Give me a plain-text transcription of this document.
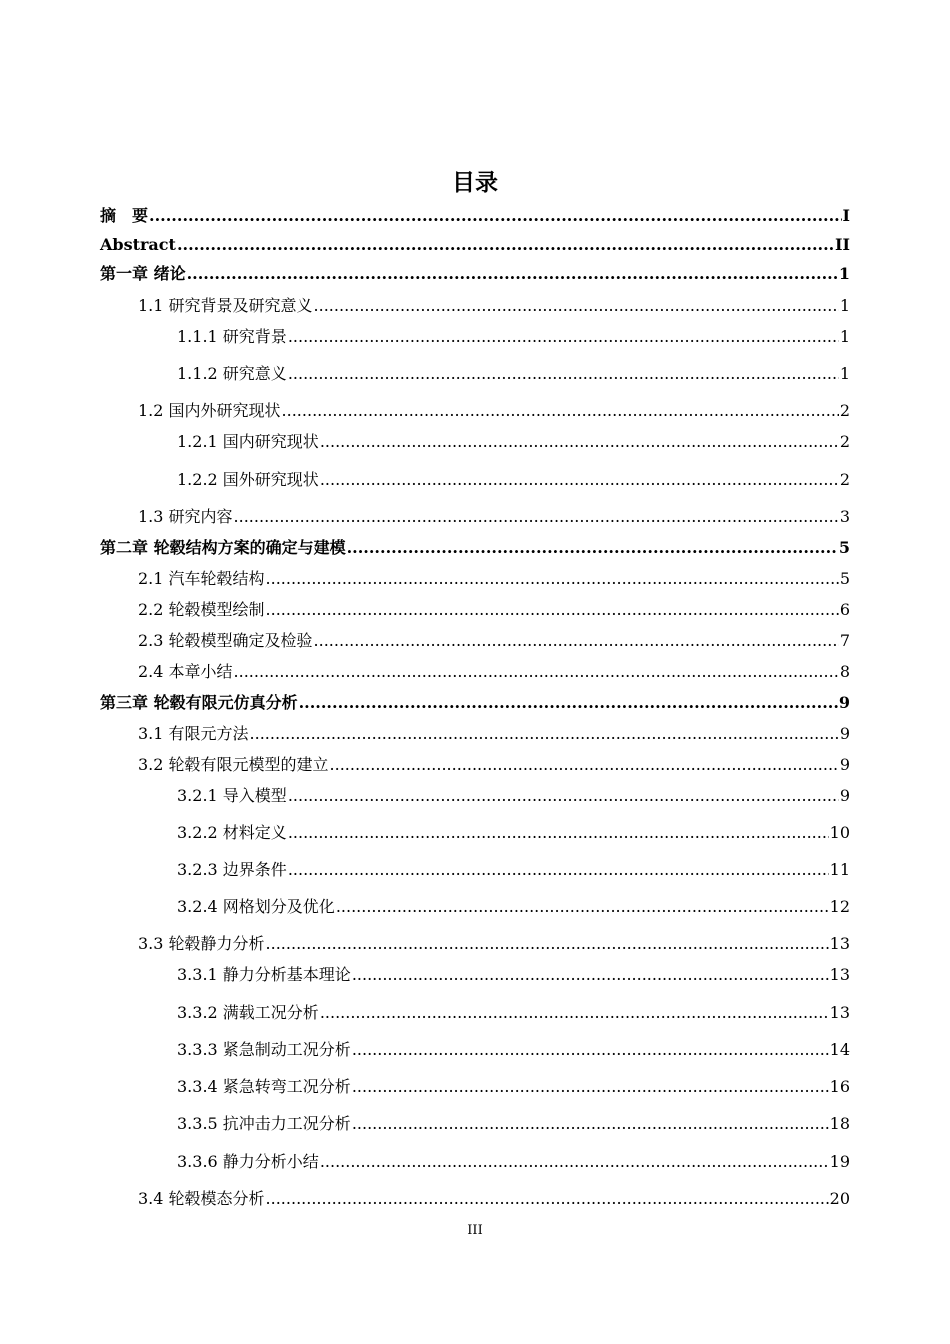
目录
摘　要 .....	I
Abstract .....	II
第一章 绪论 .....	1
1.1 研究背景及研究意义 .....	1
1.1.1 研究背景 .....	1
1.1.2 研究意义 .....	1
1.2 国内外研究现状 .....	2
1.2.1 国内研究现状 .....	2
1.2.2 国外研究现状 .....	2
1.3 研究内容 .....	3
第二章 轮毂结构方案的确定与建模 .....	5
2.1 汽车轮毂结构 .....	5
2.2 轮毂模型绘制 .....	6
2.3 轮毂模型确定及检验 .....	7
2.4 本章小结 .....	8
第三章 轮毂有限元仿真分析 .....	9
3.1 有限元方法 .....	9
3.2 轮毂有限元模型的建立 .....	9
3.2.1 导入模型 .....	9
3.2.2 材料定义 .....	10
3.2.3 边界条件 .....	11
3.2.4 网格划分及优化 .....	12
3.3 轮毂静力分析 .....	13
3.3.1 静力分析基本理论 .....	13
3.3.2 满载工况分析 .....	13
3.3.3 紧急制动工况分析 .....	14
3.3.4 紧急转弯工况分析 .....	16
3.3.5 抗冲击力工况分析 .....	18
3.3.6 静力分析小结 .....	19
3.4 轮毂模态分析 .....	20
III
